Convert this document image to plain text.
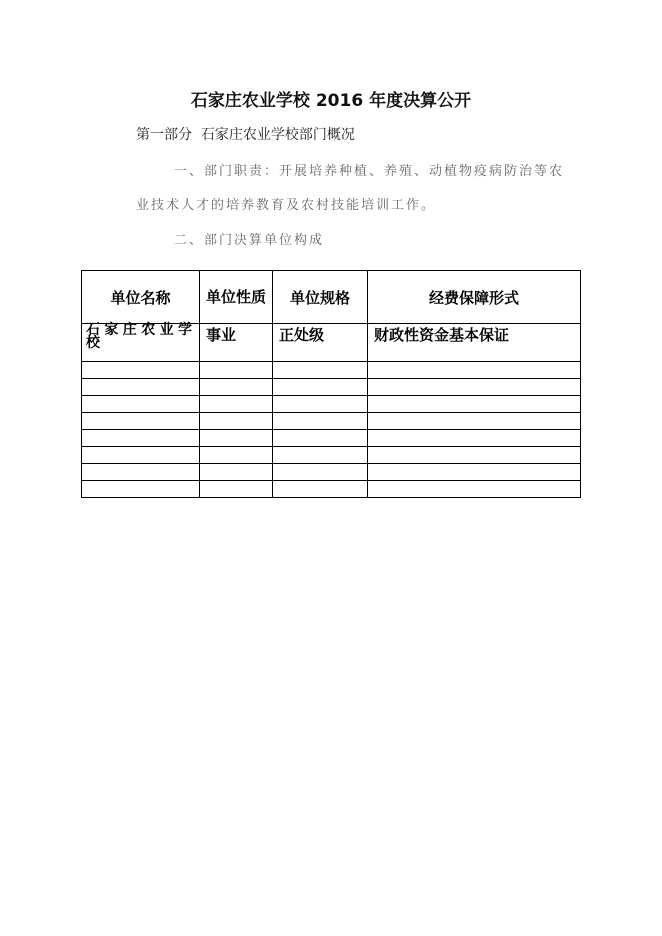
石家庄农业学校 2016 年度决算公开
第一部分  石家庄农业学校部门概况
一、部门职责：开展培养种植、养殖、动植物疫病防治等农
业技术人才的培养教育及农村技能培训工作。
二、部门决算单位构成
单位名称	单位性质	单位规格	经费保障形式
石家庄农业学校	事业	正处级	财政性资金基本保证
